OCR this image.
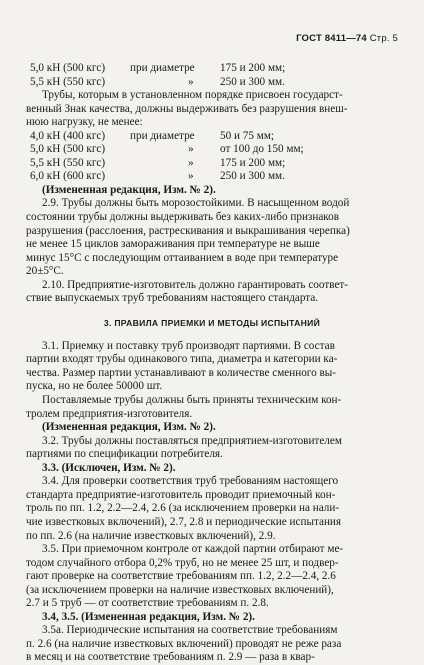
ГОСТ 8411—74 Стр. 5
5,0 кН (500 кгс)	при диаметре	175 и 200 мм;
5,5 кН (550 кгс)	»	250 и 300 мм.
Трубы, которым в установленном порядке присвоен государст-
венный Знак качества, должны выдерживать без разрушения внеш-
нюю нагрузку, не менее:
4,0 кН (400 кгс)	при диаметре	50 и 75 мм;
5,0 кН (500 кгс)	»	от 100 до 150 мм;
5,5 кН (550 кгс)	»	175 и 200 мм;
6,0 кН (600 кгс)	»	250 и 300 мм.
(Измененная редакция, Изм. № 2).
2.9. Трубы должны быть морозостойкими. В насыщенном водой
состоянии трубы должны выдерживать без каких-либо признаков
разрушения (расслоения, растрескивания и выкрашивания черепка)
не менее 15 циклов замораживания при температуре не выше
минус 15°C с последующим оттаиванием в воде при температуре
20±5°C.
2.10. Предприятие-изготовитель должно гарантировать соответ-
ствие выпускаемых труб требованиям настоящего стандарта.
3. ПРАВИЛА ПРИЕМКИ И МЕТОДЫ ИСПЫТАНИЙ
3.1. Приемку и поставку труб производят партиями. В состав
партии входят трубы одинакового типа, диаметра и категории ка-
чества. Размер партии устанавливают в количестве сменного вы-
пуска, но не более 50000 шт.
Поставляемые трубы должны быть приняты техническим кон-
тролем предприятия-изготовителя.
(Измененная редакция, Изм. № 2).
3.2. Трубы должны поставляться предприятием-изготовителем
партиями по спецификации потребителя.
3.3. (Исключен, Изм. № 2).
3.4. Для проверки соответствия труб требованиям настоящего
стандарта предприятие-изготовитель проводит приемочный кон-
троль по пп. 1.2, 2.2—2.4, 2.6 (за исключением проверки на нали-
чие известковых включений), 2.7, 2.8 и периодические испытания
по пп. 2.6 (на наличие известковых включений), 2.9.
3.5. При приемочном контроле от каждой партии отбирают ме-
тодом случайного отбора 0,2% труб, но не менее 25 шт, и подвер-
гают проверке на соответствие требованиям пп. 1.2, 2.2—2.4, 2.6
(за исключением проверки на наличие известковых включений),
2.7 и 5 труб — от соответствие требованиям п. 2.8.
3.4, 3.5. (Измененная редакция, Изм. № 2).
3.5а. Периодические испытания на соответствие требованиям
п. 2.6 (на наличие известковых включений) проводят не реже раза
в месяц и на соответствие требованиям п. 2.9 — раза в квар-
